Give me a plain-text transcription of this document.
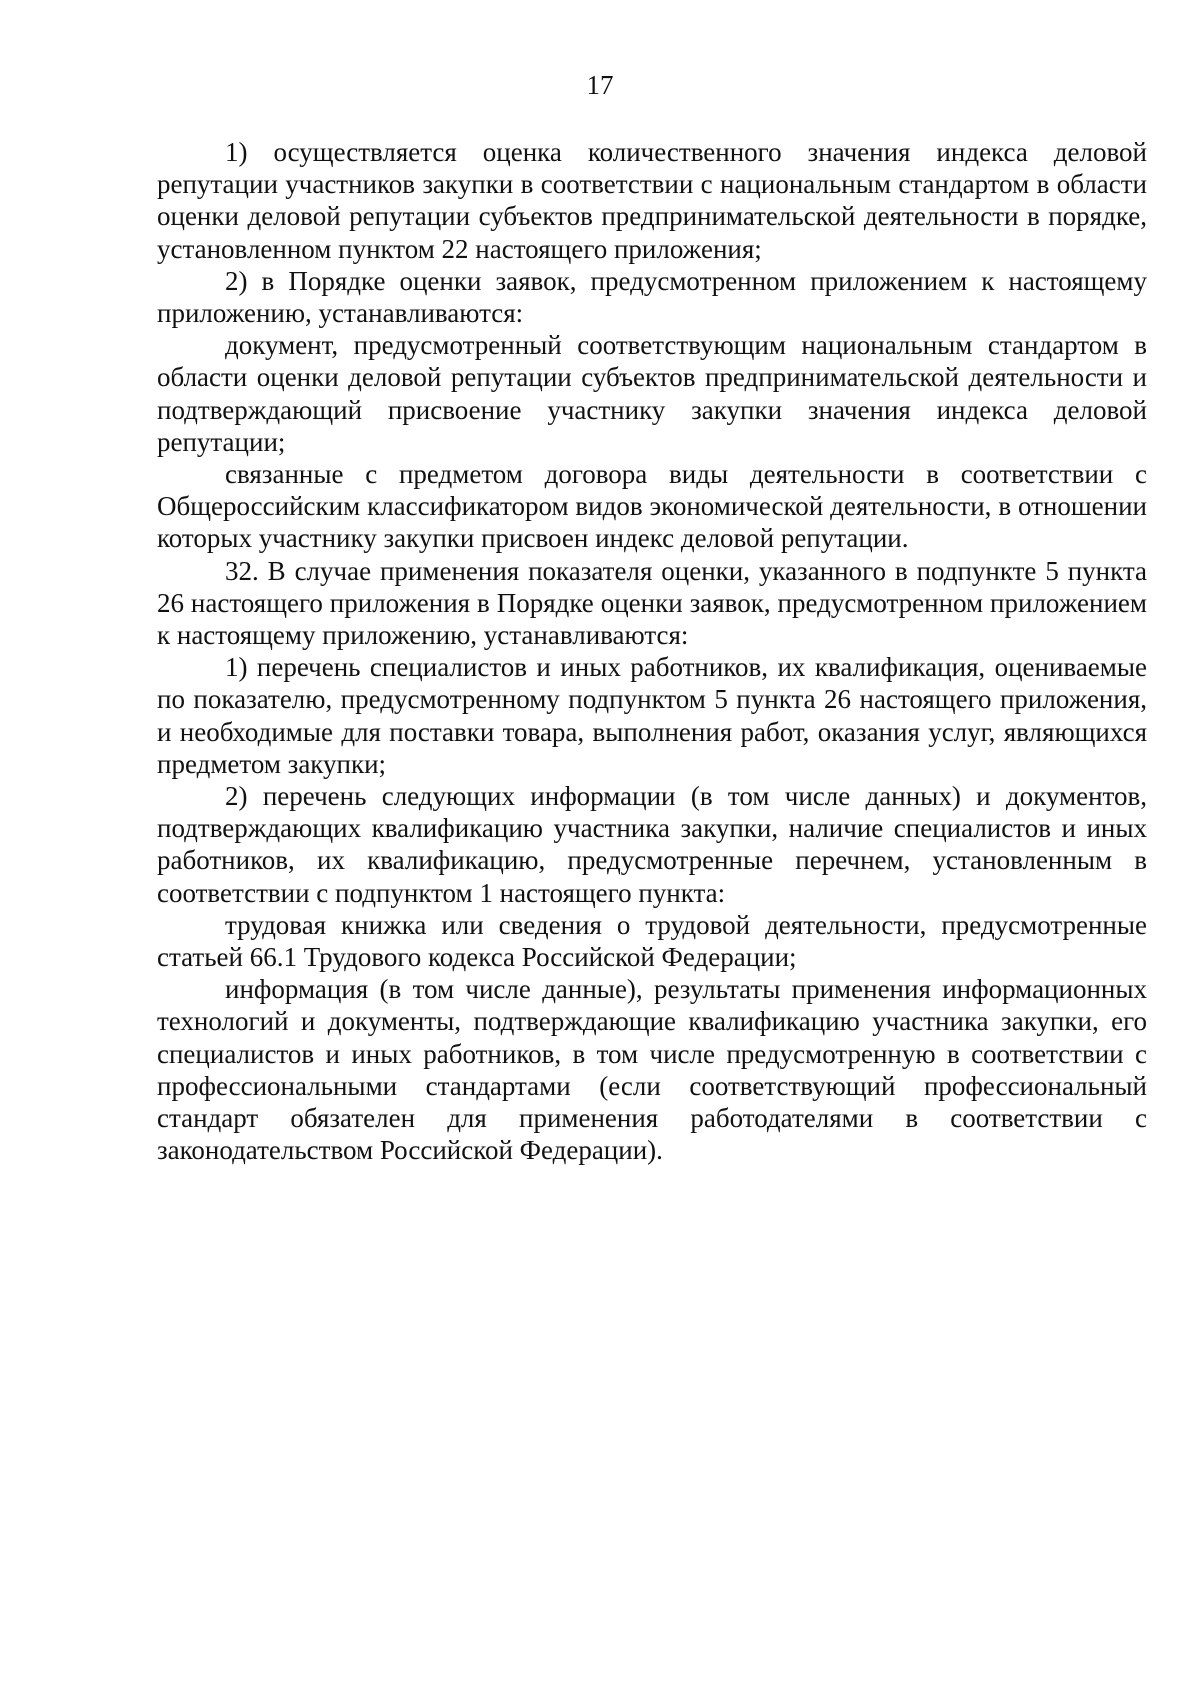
17

1) осуществляется оценка количественного значения индекса деловой репутации участников закупки в соответствии с национальным стандартом в области оценки деловой репутации субъектов предпринимательской деятельности в порядке, установленном пунктом 22 настоящего приложения;

2) в Порядке оценки заявок, предусмотренном приложением к настоящему приложению, устанавливаются:

документ, предусмотренный соответствующим национальным стандартом в области оценки деловой репутации субъектов предпринимательской деятельности и подтверждающий присвоение участнику закупки значения индекса деловой репутации;

связанные с предметом договора виды деятельности в соответствии с Общероссийским классификатором видов экономической деятельности, в отношении которых участнику закупки присвоен индекс деловой репутации.

32. В случае применения показателя оценки, указанного в подпункте 5 пункта 26 настоящего приложения в Порядке оценки заявок, предусмотренном приложением к настоящему приложению, устанавливаются:

1) перечень специалистов и иных работников, их квалификация, оцениваемые по показателю, предусмотренному подпунктом 5 пункта 26 настоящего приложения, и необходимые для поставки товара, выполнения работ, оказания услуг, являющихся предметом закупки;

2) перечень следующих информации (в том числе данных) и документов, подтверждающих квалификацию участника закупки, наличие специалистов и иных работников, их квалификацию, предусмотренные перечнем, установленным в соответствии с подпунктом 1 настоящего пункта:

трудовая книжка или сведения о трудовой деятельности, предусмотренные статьей 66.1 Трудового кодекса Российской Федерации;

информация (в том числе данные), результаты применения информационных технологий и документы, подтверждающие квалификацию участника закупки, его специалистов и иных работников, в том числе предусмотренную в соответствии с профессиональными стандартами (если соответствующий профессиональный стандарт обязателен для применения работодателями в соответствии с законодательством Российской Федерации).
